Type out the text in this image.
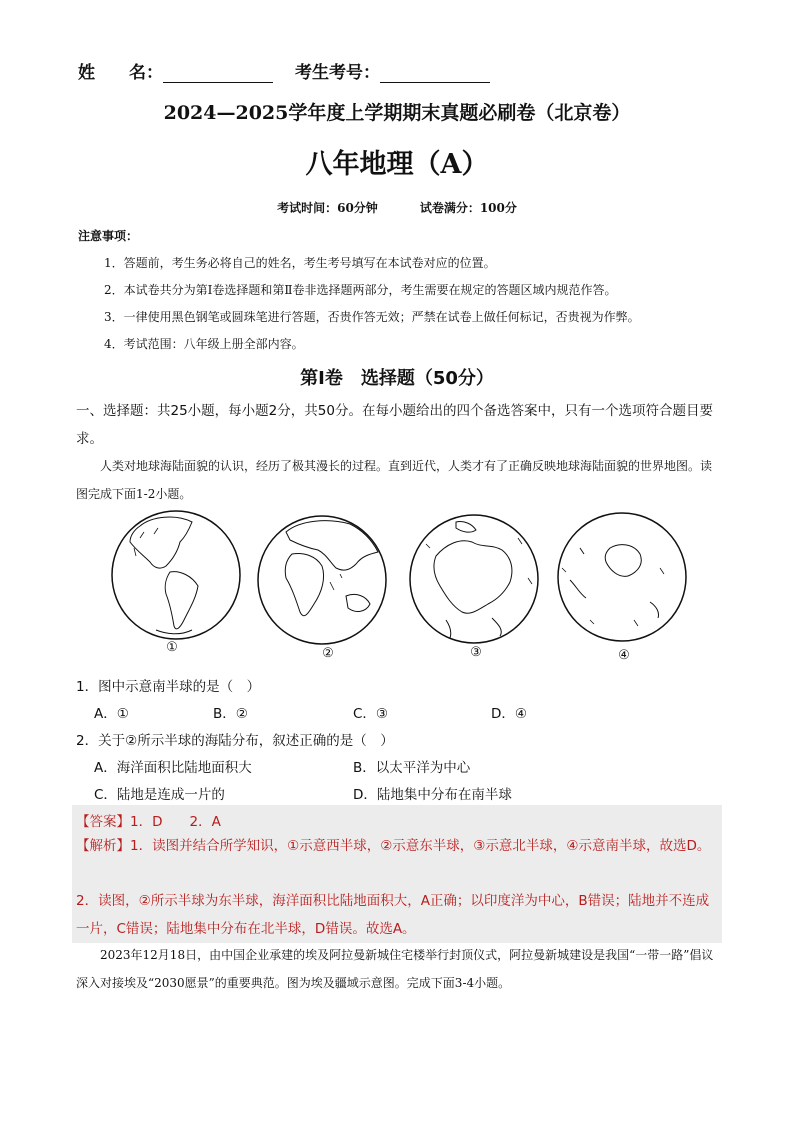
姓　　名：	考生考号：
2024—2025学年度上学期期末真题必刷卷（北京卷）
八年地理（A）
考试时间：60分钟	试卷满分：100分
注意事项：
1．答题前，考生务必将自己的姓名，考生考号填写在本试卷对应的位置。
2．本试卷共分为第Ⅰ卷选择题和第Ⅱ卷非选择题两部分，考生需要在规定的答题区域内规范作答。
3．一律使用黑色钢笔或圆珠笔进行答题，否贵作答无效；严禁在试卷上做任何标记，否贵视为作弊。
4．考试范围：八年级上册全部内容。
第Ⅰ卷　选择题（50分）
一、选择题：共25小题，每小题2分，共50分。在每小题给出的四个备选答案中，只有一个选项符合题目要求。
人类对地球海陆面貌的认识，经历了极其漫长的过程。直到近代，人类才有了正确反映地球海陆面貌的世界地图。读图完成下面1-2小题。
①	②	③	④
1．图中示意南半球的是（　）
A．①	B．②	C．③	D．④
2．关于②所示半球的海陆分布，叙述正确的是（　）
A．海洋面积比陆地面积大	B．以太平洋为中心
C．陆地是连成一片的	D．陆地集中分布在南半球
【答案】1．D　　2．A
【解析】1．读图并结合所学知识，①示意西半球，②示意东半球，③示意北半球，④示意南半球，故选D。
2．读图，②所示半球为东半球，海洋面积比陆地面积大，A正确；以印度洋为中心，B错误；陆地并不连成一片，C错误；陆地集中分布在北半球，D错误。故选A。
2023年12月18日，由中国企业承建的埃及阿拉曼新城住宅楼举行封顶仪式，阿拉曼新城建设是我国“一带一路”倡议深入对接埃及“2030愿景”的重要典范。图为埃及疆域示意图。完成下面3-4小题。
